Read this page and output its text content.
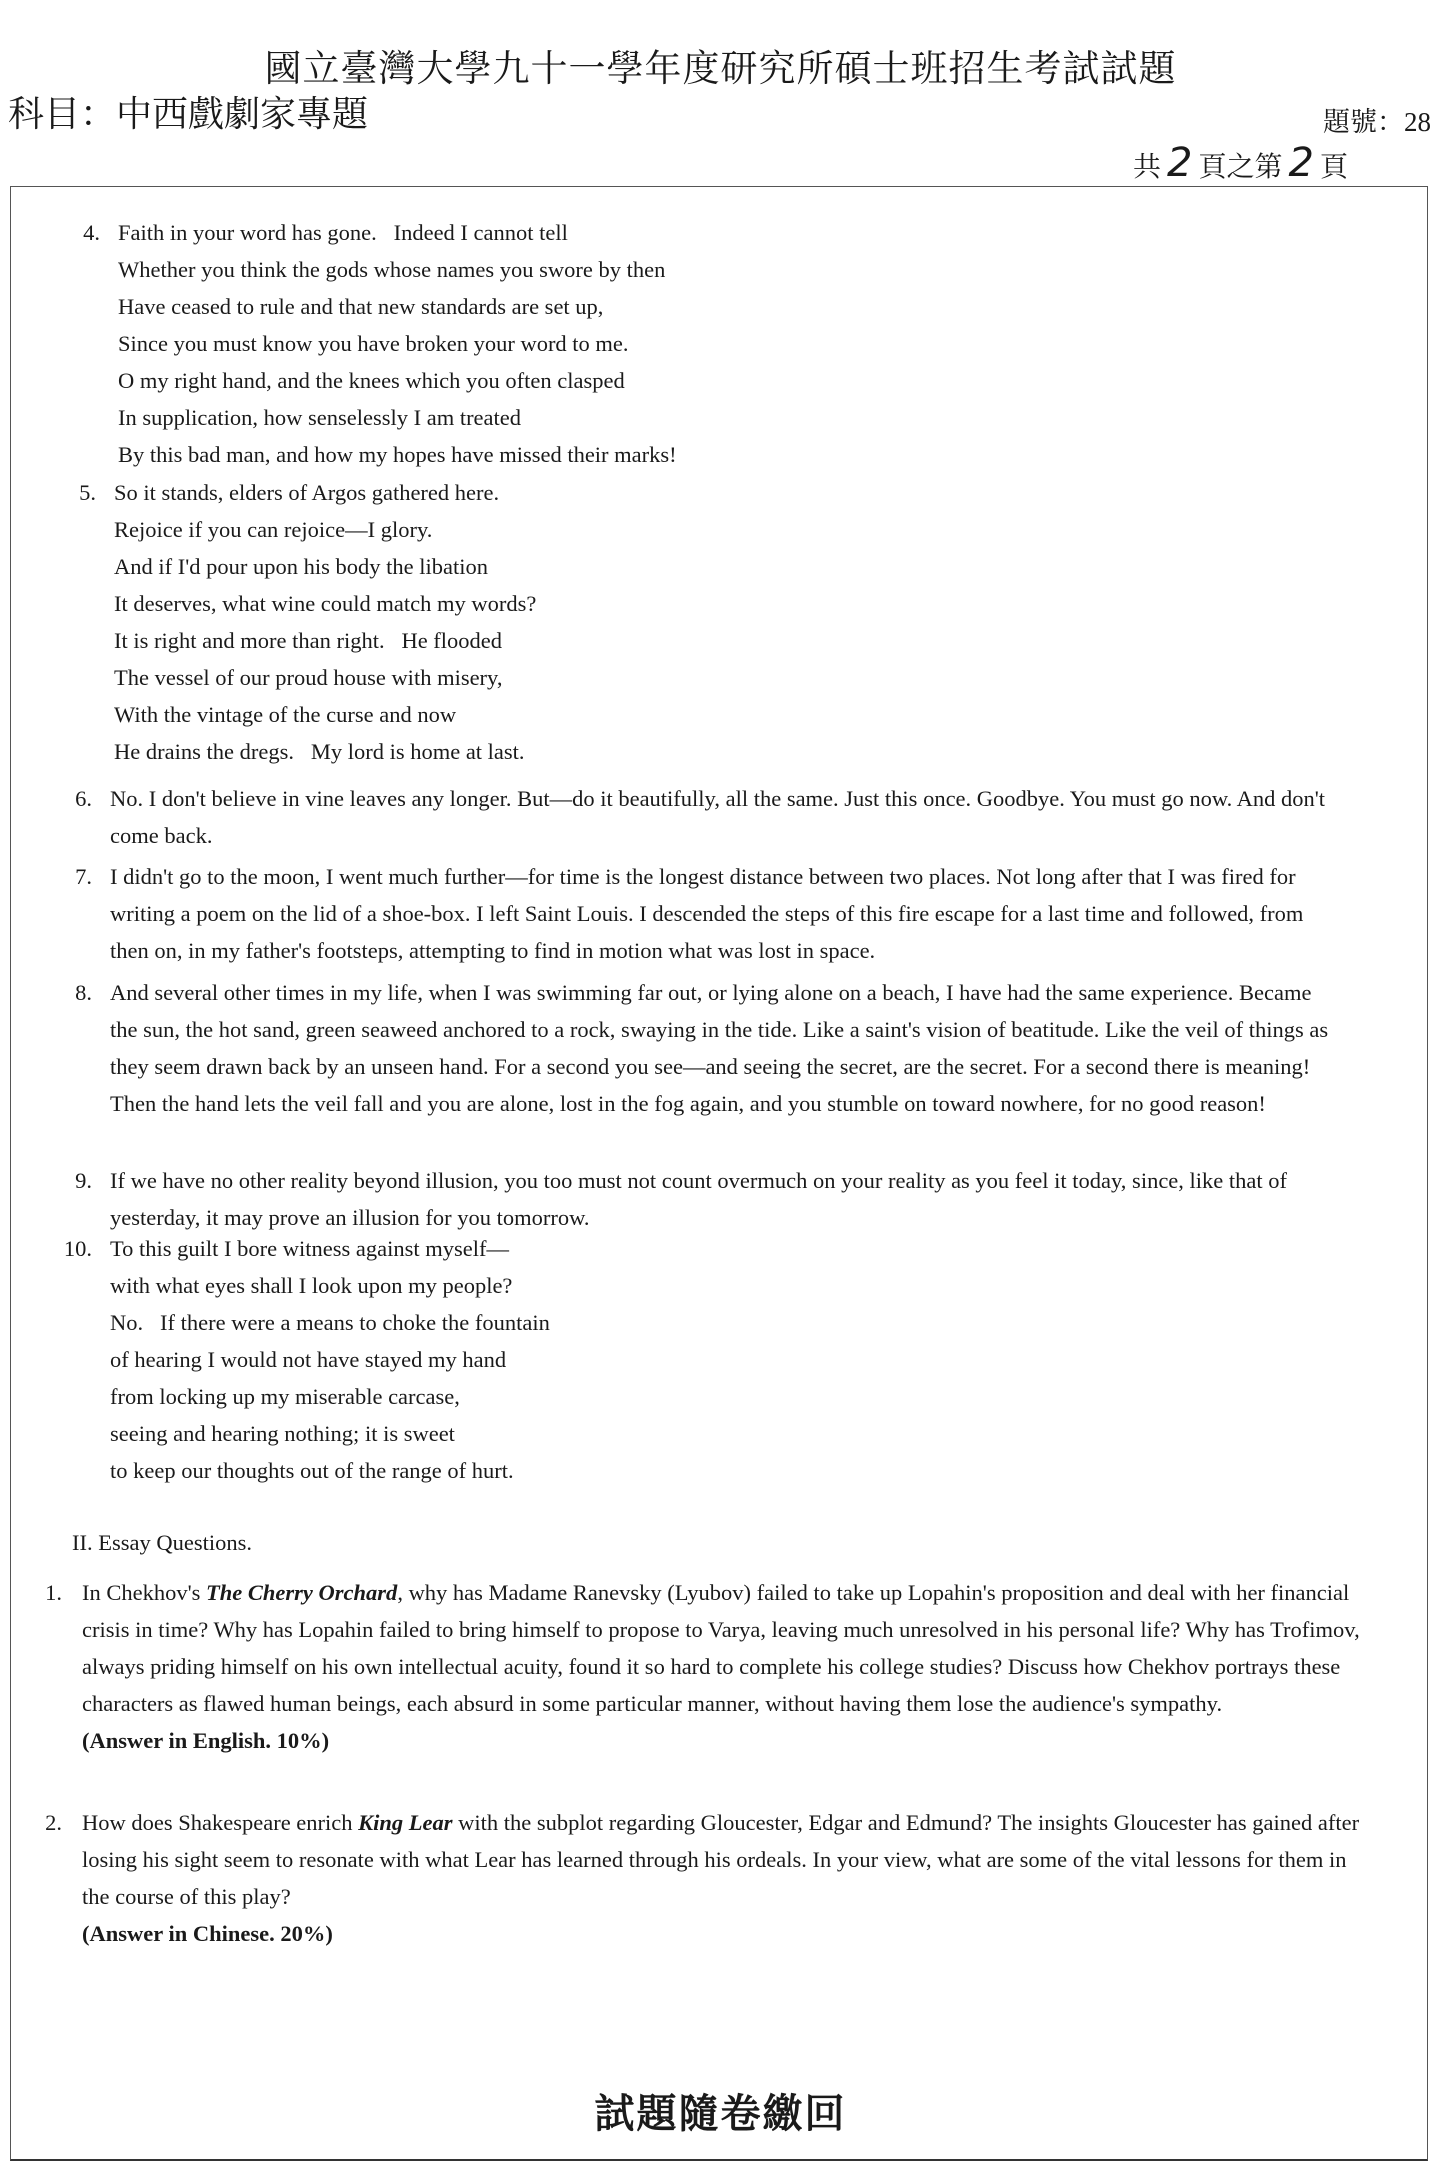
國立臺灣大學九十一學年度研究所碩士班招生考試試題
科目：中西戲劇家專題	題號：28
共 2 頁之第 2 頁
4. Faith in your word has gone.   Indeed I cannot tell
Whether you think the gods whose names you swore by then
Have ceased to rule and that new standards are set up,
Since you must know you have broken your word to me.
O my right hand, and the knees which you often clasped
In supplication, how senselessly I am treated
By this bad man, and how my hopes have missed their marks!
5. So it stands, elders of Argos gathered here.
Rejoice if you can rejoice—I glory.
And if I'd pour upon his body the libation
It deserves, what wine could match my words?
It is right and more than right.   He flooded
The vessel of our proud house with misery,
With the vintage of the curse and now
He drains the dregs.   My lord is home at last.
6. No. I don't believe in vine leaves any longer. But—do it beautifully, all the same. Just this once. Goodbye. You must go now. And don't come back.
7. I didn't go to the moon, I went much further—for time is the longest distance between two places. Not long after that I was fired for writing a poem on the lid of a shoe-box. I left Saint Louis. I descended the steps of this fire escape for a last time and followed, from then on, in my father's footsteps, attempting to find in motion what was lost in space.
8. And several other times in my life, when I was swimming far out, or lying alone on a beach, I have had the same experience. Became the sun, the hot sand, green seaweed anchored to a rock, swaying in the tide. Like a saint's vision of beatitude. Like the veil of things as they seem drawn back by an unseen hand. For a second you see—and seeing the secret, are the secret. For a second there is meaning! Then the hand lets the veil fall and you are alone, lost in the fog again, and you stumble on toward nowhere, for no good reason!
9. If we have no other reality beyond illusion, you too must not count overmuch on your reality as you feel it today, since, like that of yesterday, it may prove an illusion for you tomorrow.
10. To this guilt I bore witness against myself—
with what eyes shall I look upon my people?
No.   If there were a means to choke the fountain
of hearing I would not have stayed my hand
from locking up my miserable carcase,
seeing and hearing nothing; it is sweet
to keep our thoughts out of the range of hurt.
II. Essay Questions.
1. In Chekhov's The Cherry Orchard, why has Madame Ranevsky (Lyubov) failed to take up Lopahin's proposition and deal with her financial crisis in time? Why has Lopahin failed to bring himself to propose to Varya, leaving much unresolved in his personal life? Why has Trofimov, always priding himself on his own intellectual acuity, found it so hard to complete his college studies? Discuss how Chekhov portrays these characters as flawed human beings, each absurd in some particular manner, without having them lose the audience's sympathy.
(Answer in English. 10%)
2. How does Shakespeare enrich King Lear with the subplot regarding Gloucester, Edgar and Edmund? The insights Gloucester has gained after losing his sight seem to resonate with what Lear has learned through his ordeals. In your view, what are some of the vital lessons for them in the course of this play?
(Answer in Chinese. 20%)
試題隨卷繳回
